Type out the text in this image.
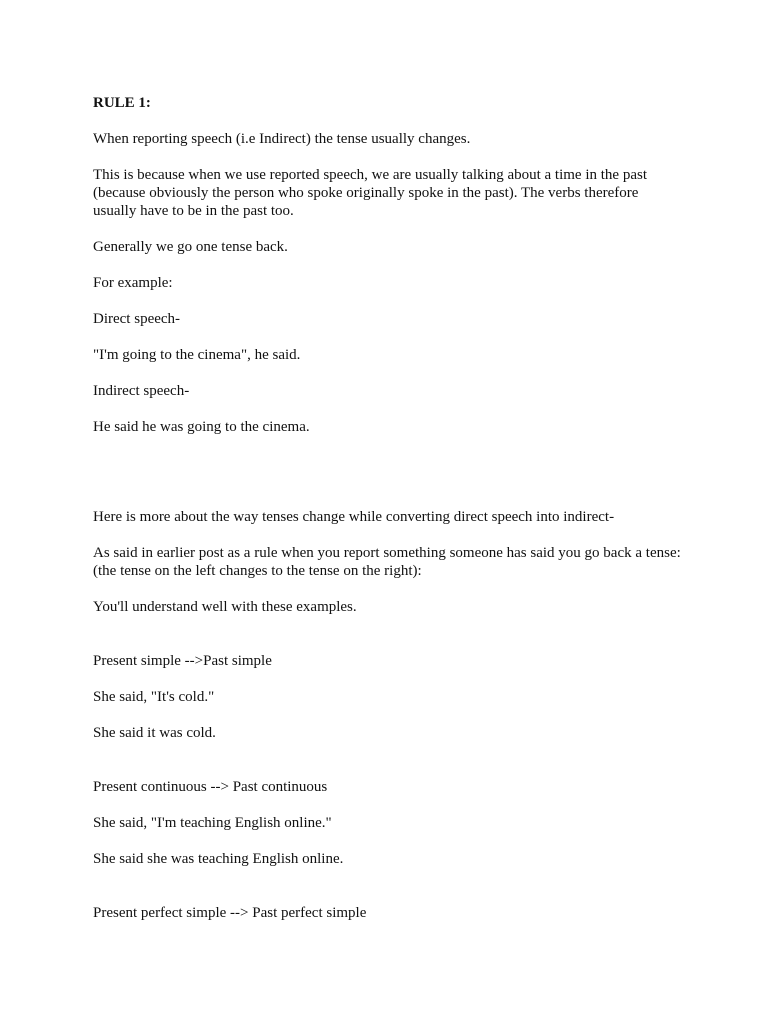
RULE 1:

When reporting speech (i.e Indirect) the tense usually changes.

This is because when we use reported speech, we are usually talking about a time in the past (because obviously the person who spoke originally spoke in the past). The verbs therefore usually have to be in the past too.

Generally we go one tense back.

For example:

Direct speech-

"I'm going to the cinema", he said.

Indirect speech-

He said he was going to the cinema.

Here is more about the way tenses change while converting direct speech into indirect-

As said in earlier post as a rule when you report something someone has said you go back a tense: (the tense on the left changes to the tense on the right):

You'll understand well with these examples.

Present simple -->Past simple

She said, "It's cold."

She said it was cold.

Present continuous --> Past continuous

She said, "I'm teaching English online."

She said she was teaching English online.

Present perfect simple --> Past perfect simple
